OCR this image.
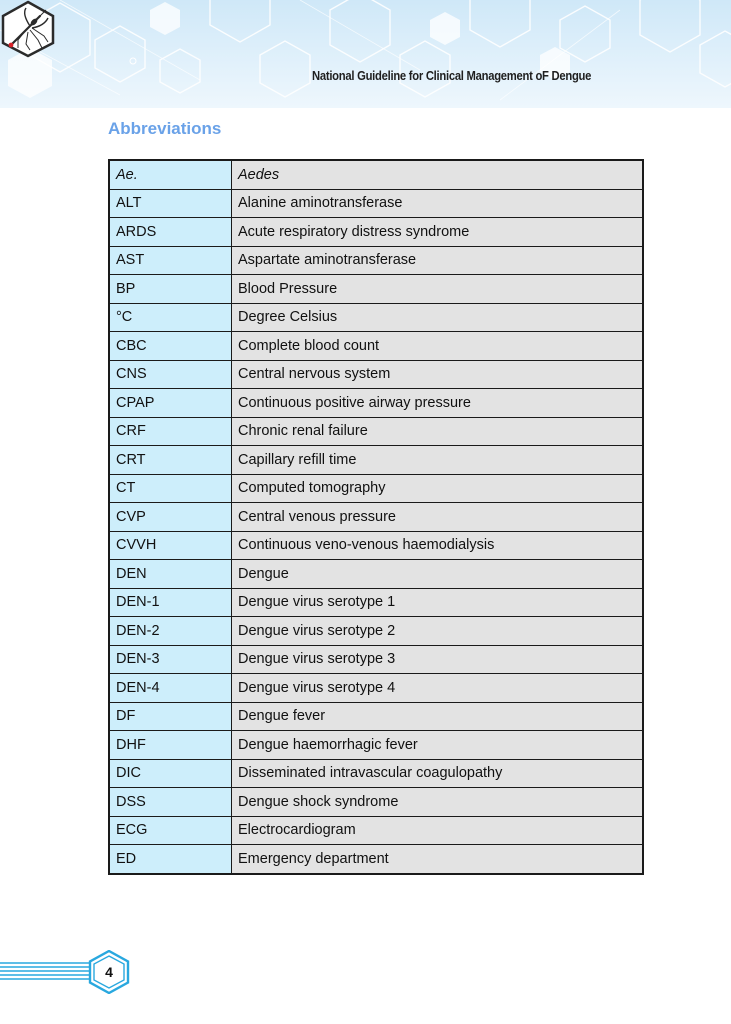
National Guideline for Clinical Management oF Dengue
Abbreviations
Ae.	Aedes
ALT	Alanine aminotransferase
ARDS	Acute respiratory distress syndrome
AST	Aspartate aminotransferase
BP	Blood Pressure
°C	Degree Celsius
CBC	Complete blood count
CNS	Central nervous system
CPAP	Continuous positive airway pressure
CRF	Chronic renal failure
CRT	Capillary refill time
CT	Computed tomography
CVP	Central venous pressure
CVVH	Continuous veno-venous haemodialysis
DEN	Dengue
DEN-1	Dengue virus serotype 1
DEN-2	Dengue virus serotype 2
DEN-3	Dengue virus serotype 3
DEN-4	Dengue virus serotype 4
DF	Dengue fever
DHF	Dengue haemorrhagic fever
DIC	Disseminated intravascular coagulopathy
DSS	Dengue shock syndrome
ECG	Electrocardiogram
ED	Emergency department
4
